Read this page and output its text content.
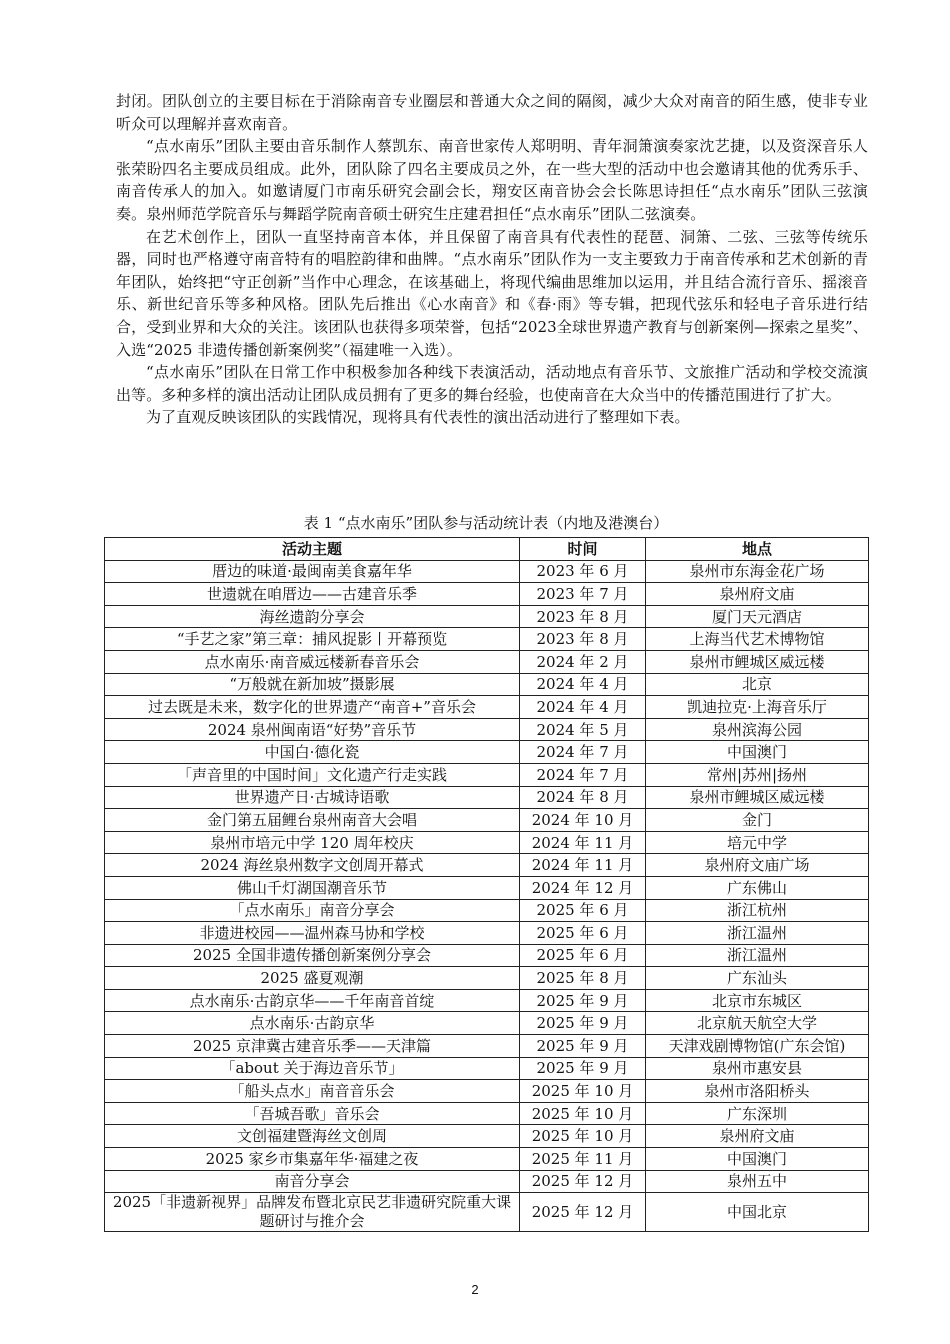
封闭。团队创立的主要目标在于消除南音专业圈层和普通大众之间的隔阂，减少大众对南音的陌生感，使非专业听众可以理解并喜欢南音。

“点水南乐”团队主要由音乐制作人蔡凯东、南音世家传人郑明明、青年洞箫演奏家沈艺捷，以及资深音乐人张荣盼四名主要成员组成。此外，团队除了四名主要成员之外，在一些大型的活动中也会邀请其他的优秀乐手、南音传承人的加入。如邀请厦门市南乐研究会副会长，翔安区南音协会会长陈思诗担任“点水南乐”团队三弦演奏。泉州师范学院音乐与舞蹈学院南音硕士研究生庄建君担任“点水南乐”团队二弦演奏。

在艺术创作上，团队一直坚持南音本体，并且保留了南音具有代表性的琵琶、洞箫、二弦、三弦等传统乐器，同时也严格遵守南音特有的唱腔韵律和曲牌。“点水南乐”团队作为一支主要致力于南音传承和艺术创新的青年团队，始终把“守正创新”当作中心理念，在该基础上，将现代编曲思维加以运用，并且结合流行音乐、摇滚音乐、新世纪音乐等多种风格。团队先后推出《心水南音》和《春·雨》等专辑，把现代弦乐和轻电子音乐进行结合，受到业界和大众的关注。该团队也获得多项荣誉，包括“2023全球世界遗产教育与创新案例—探索之星奖”、入选“2025 非遗传播创新案例奖”（福建唯一入选）。

“点水南乐”团队在日常工作中积极参加各种线下表演活动，活动地点有音乐节、文旅推广活动和学校交流演出等。多种多样的演出活动让团队成员拥有了更多的舞台经验，也使南音在大众当中的传播范围进行了扩大。

为了直观反映该团队的实践情况，现将具有代表性的演出活动进行了整理如下表。

表 1 “点水南乐”团队参与活动统计表（内地及港澳台）
活动主题	时间	地点
厝边的味道·最闽南美食嘉年华	2023 年 6 月	泉州市东海金花广场
世遗就在咱厝边——古建音乐季	2023 年 7 月	泉州府文庙
海丝遗韵分享会	2023 年 8 月	厦门天元酒店
“手艺之家”第三章：捕风捉影丨开幕预览	2023 年 8 月	上海当代艺术博物馆
点水南乐·南音威远楼新春音乐会	2024 年 2 月	泉州市鲤城区威远楼
“万般就在新加坡”摄影展	2024 年 4 月	北京
过去既是未来，数字化的世界遗产“南音+”音乐会	2024 年 4 月	凯迪拉克·上海音乐厅
2024 泉州闽南语“好势”音乐节	2024 年 5 月	泉州滨海公园
中国白·德化瓷	2024 年 7 月	中国澳门
「声音里的中国时间」文化遗产行走实践	2024 年 7 月	常州|苏州|扬州
世界遗产日·古城诗语歌	2024 年 8 月	泉州市鲤城区威远楼
金门第五届鲤台泉州南音大会唱	2024 年 10 月	金门
泉州市培元中学 120 周年校庆	2024 年 11 月	培元中学
2024 海丝泉州数字文创周开幕式	2024 年 11 月	泉州府文庙广场
佛山千灯湖国潮音乐节	2024 年 12 月	广东佛山
「点水南乐」南音分享会	2025 年 6 月	浙江杭州
非遗进校园——温州森马协和学校	2025 年 6 月	浙江温州
2025 全国非遗传播创新案例分享会	2025 年 6 月	浙江温州
2025 盛夏观潮	2025 年 8 月	广东汕头
点水南乐·古韵京华——千年南音首绽	2025 年 9 月	北京市东城区
点水南乐·古韵京华	2025 年 9 月	北京航天航空大学
2025 京津冀古建音乐季——天津篇	2025 年 9 月	天津戏剧博物馆(广东会馆)
「about 关于海边音乐节」	2025 年 9 月	泉州市惠安县
「船头点水」南音音乐会	2025 年 10 月	泉州市洛阳桥头
「吾城吾歌」音乐会	2025 年 10 月	广东深圳
文创福建暨海丝文创周	2025 年 10 月	泉州府文庙
2025 家乡市集嘉年华·福建之夜	2025 年 11 月	中国澳门
南音分享会	2025 年 12 月	泉州五中
2025「非遗新视界」品牌发布暨北京民艺非遗研究院重大课题研讨与推介会	2025 年 12 月	中国北京
2
